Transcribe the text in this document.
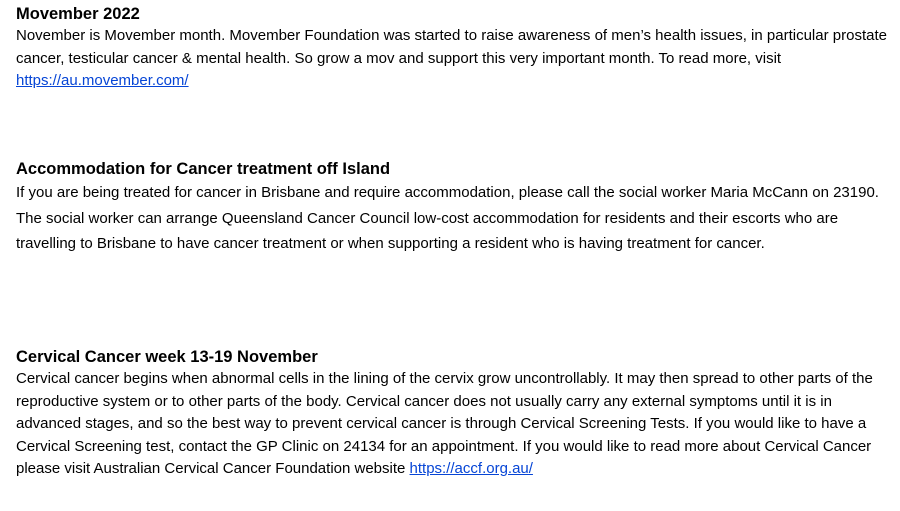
Movember 2022

November is Movember month. Movember Foundation was started to raise awareness of men’s health issues, in particular prostate cancer, testicular cancer & mental health. So grow a mov and support this very important month. To read more, visit https://au.movember.com/

Accommodation for Cancer treatment off Island

If you are being treated for cancer in Brisbane and require accommodation, please call the social worker Maria McCann on 23190. The social worker can arrange Queensland Cancer Council low-cost accommodation for residents and their escorts who are travelling to Brisbane to have cancer treatment or when supporting a resident who is having treatment for cancer.

Cervical Cancer week 13-19 November

Cervical cancer begins when abnormal cells in the lining of the cervix grow uncontrollably. It may then spread to other parts of the reproductive system or to other parts of the body. Cervical cancer does not usually carry any external symptoms until it is in advanced stages, and so the best way to prevent cervical cancer is through Cervical Screening Tests. If you would like to have a Cervical Screening test, contact the GP Clinic on 24134 for an appointment. If you would like to read more about Cervical Cancer please visit Australian Cervical Cancer Foundation website https://accf.org.au/
